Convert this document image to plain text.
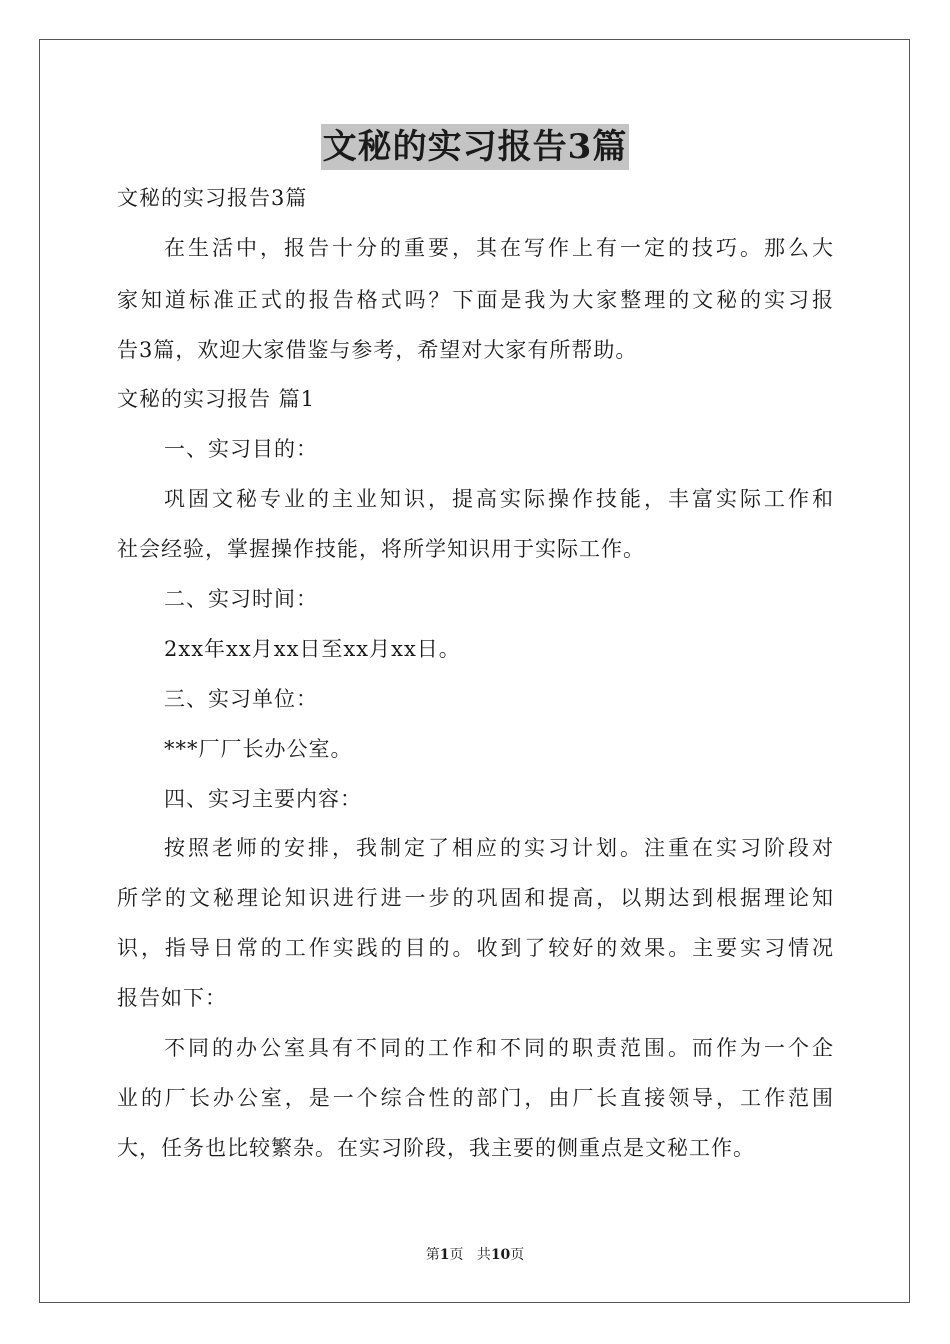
文秘的实习报告3篇
文秘的实习报告3篇
在生活中，报告十分的重要，其在写作上有一定的技巧。那么大
家知道标准正式的报告格式吗？下面是我为大家整理的文秘的实习报
告3篇，欢迎大家借鉴与参考，希望对大家有所帮助。
文秘的实习报告 篇1
一、实习目的：
巩固文秘专业的主业知识，提高实际操作技能，丰富实际工作和
社会经验，掌握操作技能，将所学知识用于实际工作。
二、实习时间：
2xx年xx月xx日至xx月xx日。
三、实习单位：
***厂厂长办公室。
四、实习主要内容：
按照老师的安排，我制定了相应的实习计划。注重在实习阶段对
所学的文秘理论知识进行进一步的巩固和提高，以期达到根据理论知
识，指导日常的工作实践的目的。收到了较好的效果。主要实习情况
报告如下：
不同的办公室具有不同的工作和不同的职责范围。而作为一个企
业的厂长办公室，是一个综合性的部门，由厂长直接领导，工作范围
大，任务也比较繁杂。在实习阶段，我主要的侧重点是文秘工作。
第1页 共10页
